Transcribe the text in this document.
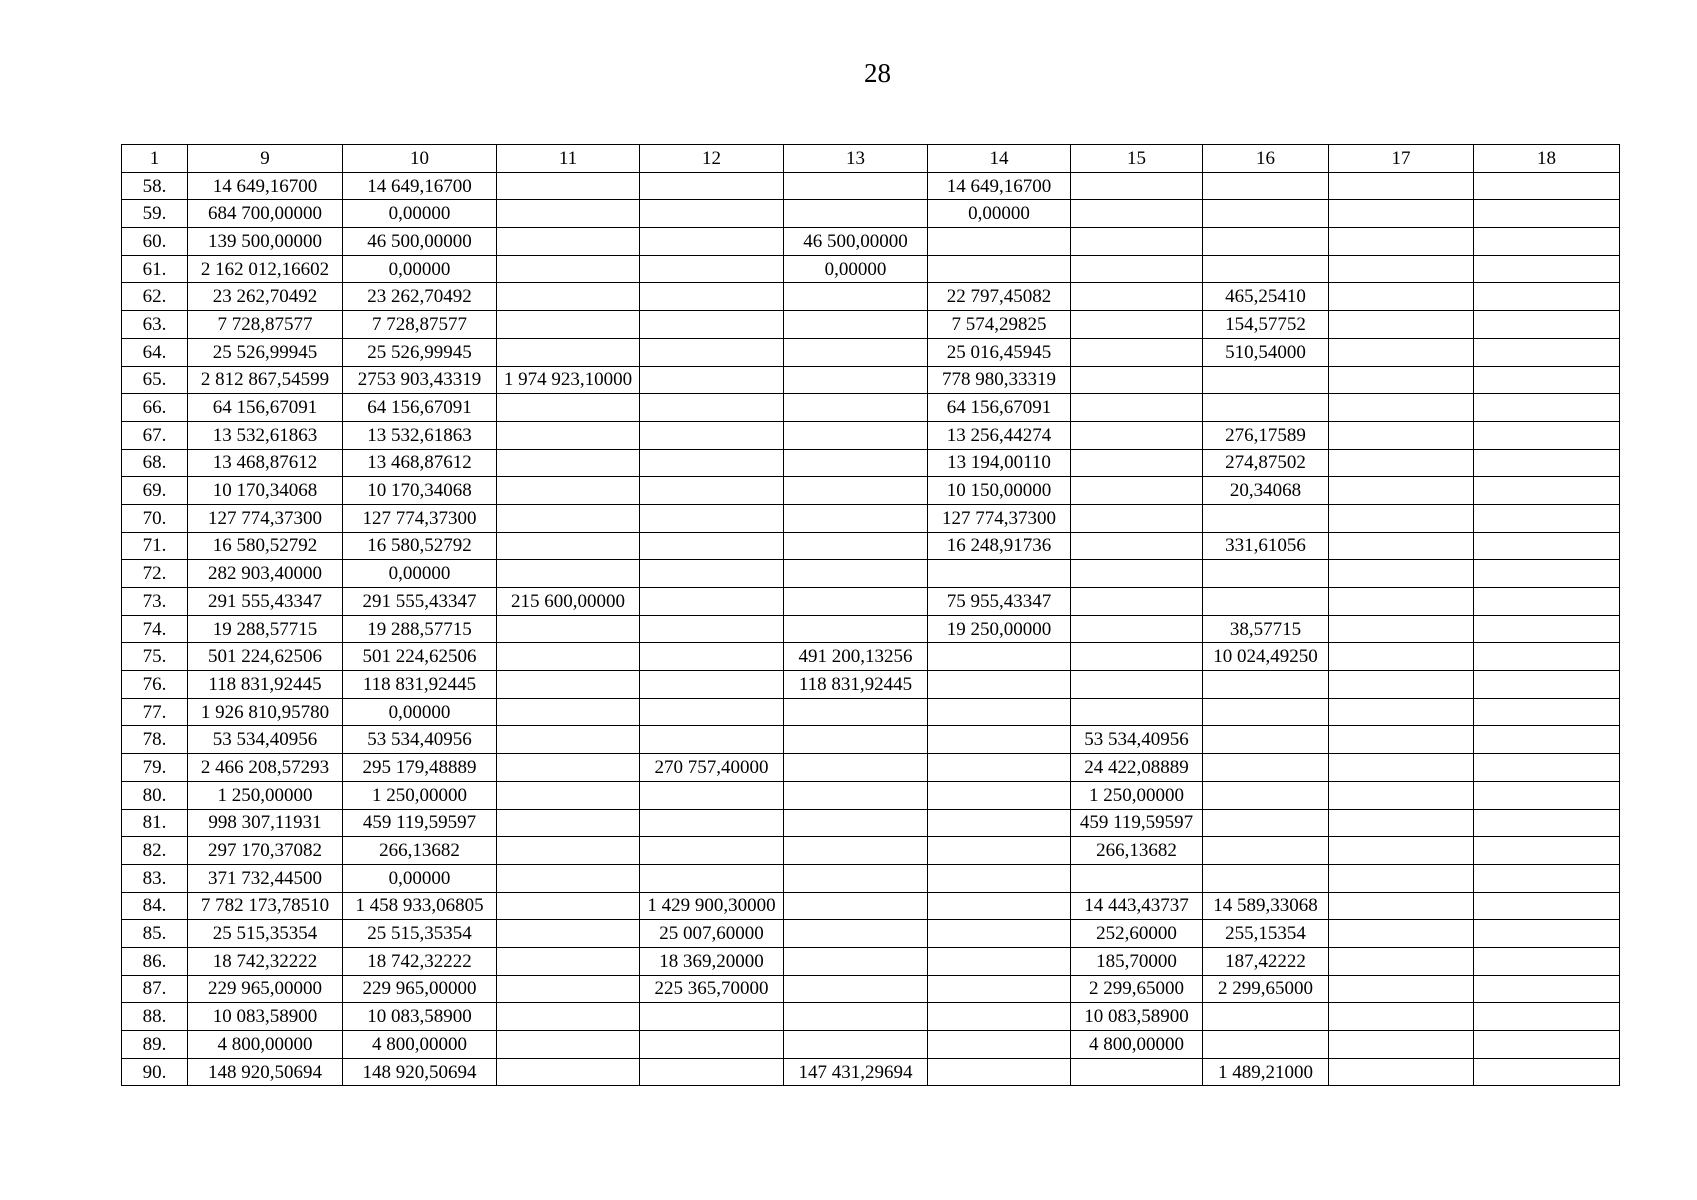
28
1	9	10	11	12	13	14	15	16	17	18
58.	14 649,16700	14 649,16700				14 649,16700				
59.	684 700,00000	0,00000				0,00000				
60.	139 500,00000	46 500,00000			46 500,00000					
61.	2 162 012,16602	0,00000			0,00000					
62.	23 262,70492	23 262,70492				22 797,45082		465,25410		
63.	7 728,87577	7 728,87577				7 574,29825		154,57752		
64.	25 526,99945	25 526,99945				25 016,45945		510,54000		
65.	2 812 867,54599	2753 903,43319	1 974 923,10000			778 980,33319				
66.	64 156,67091	64 156,67091				64 156,67091				
67.	13 532,61863	13 532,61863				13 256,44274		276,17589		
68.	13 468,87612	13 468,87612				13 194,00110		274,87502		
69.	10 170,34068	10 170,34068				10 150,00000		20,34068		
70.	127 774,37300	127 774,37300				127 774,37300				
71.	16 580,52792	16 580,52792				16 248,91736		331,61056		
72.	282 903,40000	0,00000								
73.	291 555,43347	291 555,43347	215 600,00000			75 955,43347				
74.	19 288,57715	19 288,57715				19 250,00000		38,57715		
75.	501 224,62506	501 224,62506			491 200,13256			10 024,49250		
76.	118 831,92445	118 831,92445			118 831,92445					
77.	1 926 810,95780	0,00000								
78.	53 534,40956	53 534,40956					53 534,40956			
79.	2 466 208,57293	295 179,48889		270 757,40000			24 422,08889			
80.	1 250,00000	1 250,00000					1 250,00000			
81.	998 307,11931	459 119,59597					459 119,59597			
82.	297 170,37082	266,13682					266,13682			
83.	371 732,44500	0,00000								
84.	7 782 173,78510	1 458 933,06805		1 429 900,30000			14 443,43737	14 589,33068		
85.	25 515,35354	25 515,35354		25 007,60000			252,60000	255,15354		
86.	18 742,32222	18 742,32222		18 369,20000			185,70000	187,42222		
87.	229 965,00000	229 965,00000		225 365,70000			2 299,65000	2 299,65000		
88.	10 083,58900	10 083,58900					10 083,58900			
89.	4 800,00000	4 800,00000					4 800,00000			
90.	148 920,50694	148 920,50694			147 431,29694			1 489,21000		
